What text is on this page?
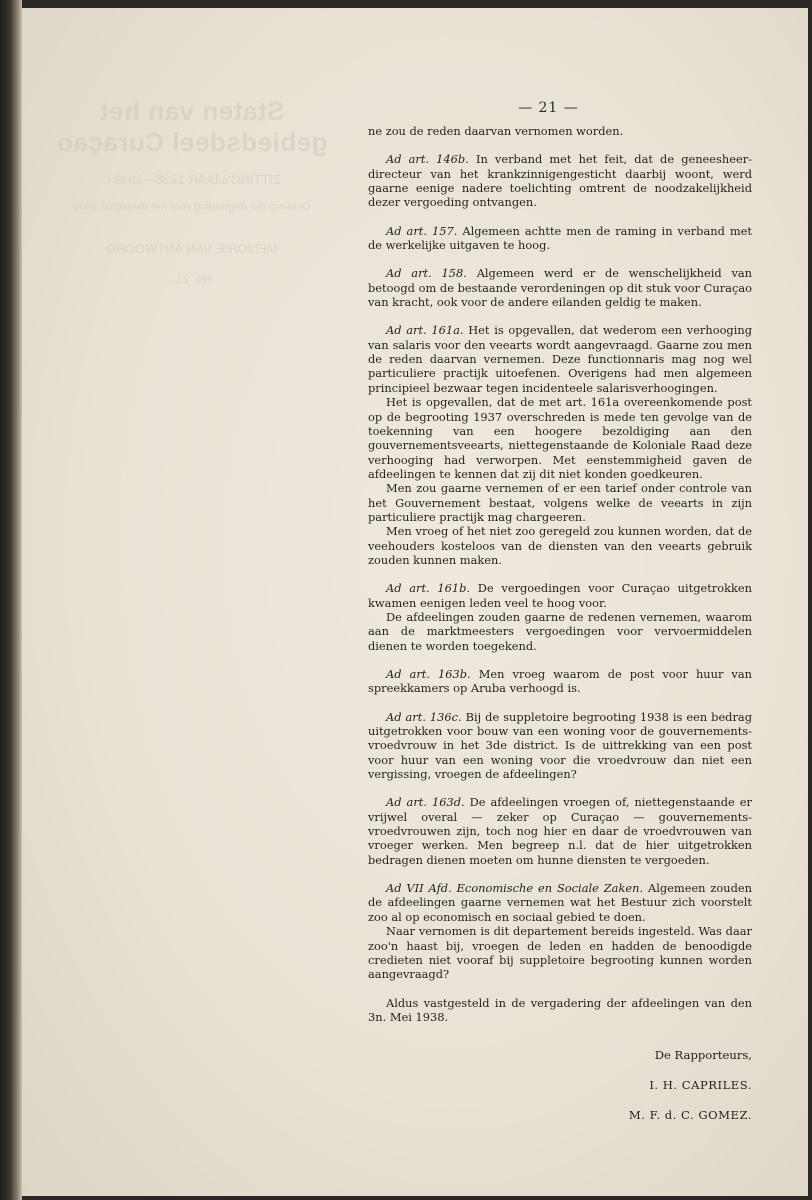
Staten van het gebiedsdeel Curaçao
ZITTINGSJAAR 1938—1939 I.
Ontwerp der Begrooting voor het dienstjaar 1939
MEMORIE VAN ANTWOORD
No. 21.
— 21 —

ne zou de reden daarvan vernomen worden.

Ad art. 146b. In verband met het feit, dat de geneesheer-directeur van het krankzinnigengesticht daarbij woont, werd gaarne eenige nadere toelichting omtrent de noodzakelijkheid dezer vergoeding ontvangen.

Ad art. 157. Algemeen achtte men de raming in verband met de werkelijke uitgaven te hoog.

Ad art. 158. Algemeen werd er de wenschelijkheid van betoogd om de bestaande verordeningen op dit stuk voor Curaçao van kracht, ook voor de andere eilanden geldig te maken.

Ad art. 161a. Het is opgevallen, dat wederom een verhooging van salaris voor den veearts wordt aangevraagd. Gaarne zou men de reden daarvan vernemen. Deze functionnaris mag nog wel particuliere practijk uitoefenen. Overigens had men algemeen principieel bezwaar tegen incidenteele salarisverhoogingen.

Het is opgevallen, dat de met art. 161a overeenkomende post op de begrooting 1937 overschreden is mede ten gevolge van de toekenning van een hoogere bezoldiging aan den gouvernementsveearts, niettegenstaande de Koloniale Raad deze verhooging had verworpen. Met eenstemmigheid gaven de afdeelingen te kennen dat zij dit niet konden goedkeuren.

Men zou gaarne vernemen of er een tarief onder controle van het Gouvernement bestaat, volgens welke de veearts in zijn particuliere practijk mag chargeeren.

Men vroeg of het niet zoo geregeld zou kunnen worden, dat de veehouders kosteloos van de diensten van den veearts gebruik zouden kunnen maken.

Ad art. 161b. De vergoedingen voor Curaçao uitgetrokken kwamen eenigen leden veel te hoog voor.

De afdeelingen zouden gaarne de redenen vernemen, waarom aan de marktmeesters vergoedingen voor vervoermiddelen dienen te worden toegekend.

Ad art. 163b. Men vroeg waarom de post voor huur van spreekkamers op Aruba verhoogd is.

Ad art. 136c. Bij de suppletoire begrooting 1938 is een bedrag uitgetrokken voor bouw van een woning voor de gouvernements-vroedvrouw in het 3de district. Is de uittrekking van een post voor huur van een woning voor die vroedvrouw dan niet een vergissing, vroegen de afdeelingen?

Ad art. 163d. De afdeelingen vroegen of, niettegenstaande er vrijwel overal — zeker op Curaçao — gouvernements-vroedvrouwen zijn, toch nog hier en daar de vroedvrouwen van vroeger werken. Men begreep n.l. dat de hier uitgetrokken bedragen dienen moeten om hunne diensten te vergoeden.

Ad VII Afd. Economische en Sociale Zaken. Algemeen zouden de afdeelingen gaarne vernemen wat het Bestuur zich voorstelt zoo al op economisch en sociaal gebied te doen.

Naar vernomen is dit departement bereids ingesteld. Was daar zoo'n haast bij, vroegen de leden en hadden de benoodigde credieten niet vooraf bij suppletoire begrooting kunnen worden aangevraagd?

Aldus vastgesteld in de vergadering der afdeelingen van den 3n. Mei 1938.

De Rapporteurs,
I. H. CAPRILES.
M. F. d. C. GOMEZ.
